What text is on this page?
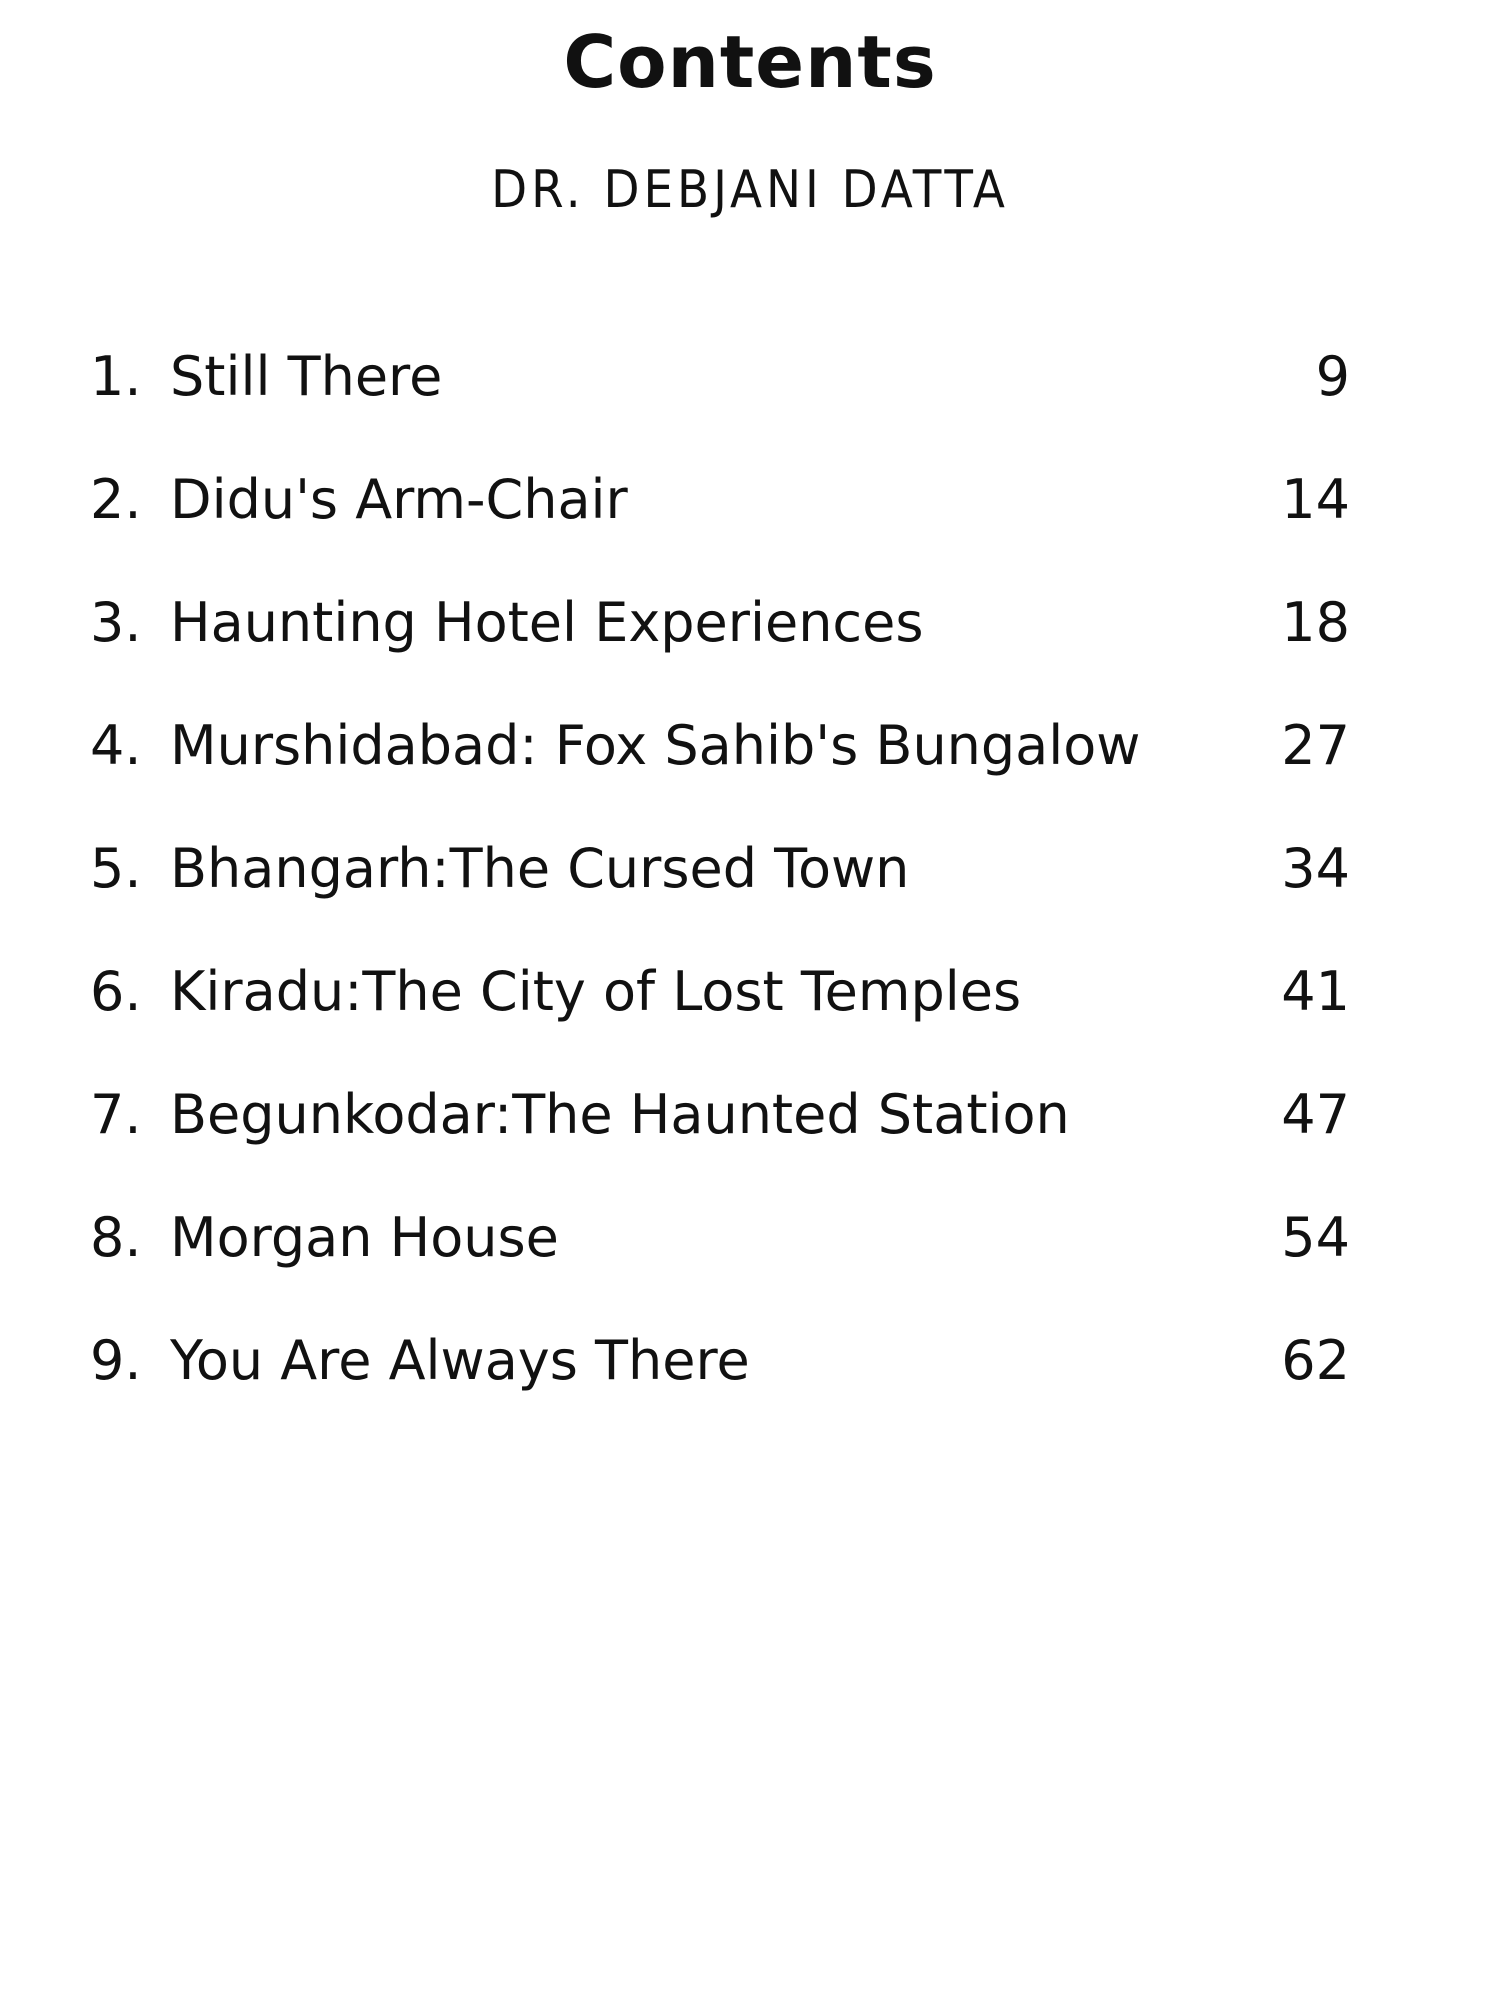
Contents
DR. DEBJANI DATTA
1. Still There	9
2. Didu's Arm-Chair	14
3. Haunting Hotel Experiences	18
4. Murshidabad: Fox Sahib's Bungalow	27
5. Bhangarh:The Cursed Town	34
6. Kiradu:The City of Lost Temples	41
7. Begunkodar:The Haunted Station	47
8. Morgan House	54
9. You Are Always There	62
